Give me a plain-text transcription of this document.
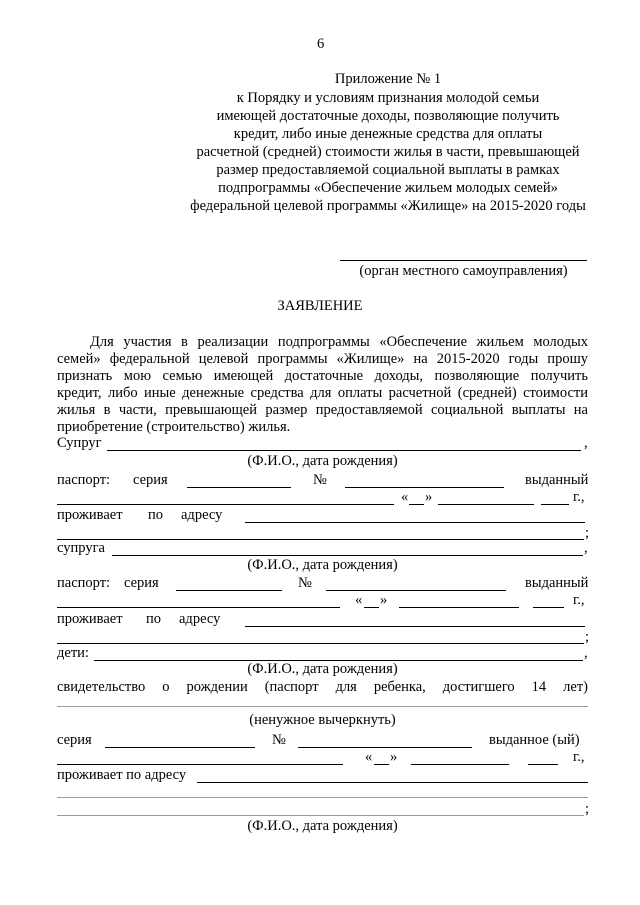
6
Приложение № 1
к Порядку и условиям признания молодой семьи
имеющей достаточные доходы, позволяющие получить
кредит, либо иные денежные средства для оплаты
расчетной (средней) стоимости жилья в части, превышающей
размер предоставляемой социальной выплаты в рамках
подпрограммы «Обеспечение жильем молодых семей»
федеральной целевой программы «Жилище» на 2015-2020 годы
(орган местного самоуправления)
ЗАЯВЛЕНИЕ
Для участия в реализации подпрограммы «Обеспечение жильем молодых
семей» федеральной целевой программы «Жилище» на 2015-2020 годы прошу
признать мою семью имеющей достаточные доходы, позволяющие получить
кредит, либо иные денежные средства для оплаты расчетной (средней) стоимости
жилья в части, превышающей размер предоставляемой социальной выплаты на
приобретение (строительство) жилья.
Супруг	,
(Ф.И.О., дата рождения)
паспорт: серия	№	выданный
« »	г.,
проживает по адресу
;
супруга	,
(Ф.И.О., дата рождения)
паспорт: серия	№	выданный
« »	г.,
проживает по адресу
;
дети:	,
(Ф.И.О., дата рождения)
свидетельство о рождении (паспорт для ребенка, достигшего 14 лет)
(ненужное вычеркнуть)
серия	№	выданное (ый)
« »	г.,
проживает по адресу
;
(Ф.И.О., дата рождения)
